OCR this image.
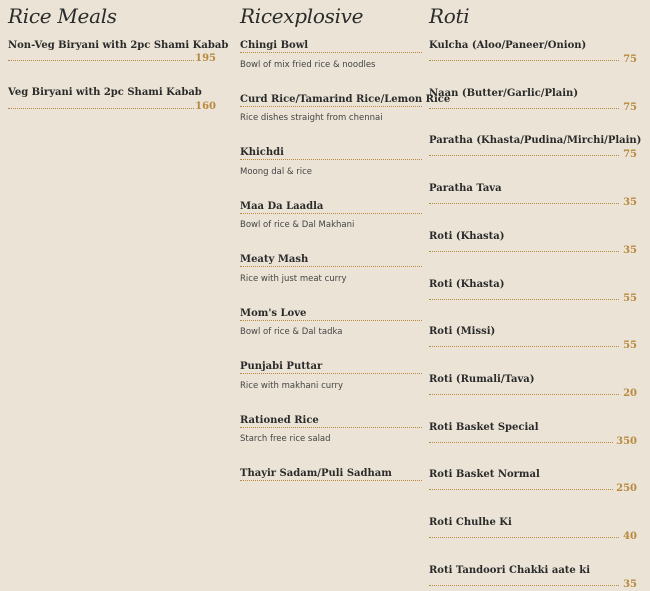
Rice Meals
Non-Veg Biryani with 2pc Shami Kabab
195
Veg Biryani with 2pc Shami Kabab
160
Ricexplosive
Chingi Bowl
Bowl of mix fried rice & noodles
Curd Rice/Tamarind Rice/Lemon Rice
Rice dishes straight from chennai
Khichdi
Moong dal & rice
Maa Da Laadla
Bowl of rice & Dal Makhani
Meaty Mash
Rice with just meat curry
Mom's Love
Bowl of rice & Dal tadka
Punjabi Puttar
Rice with makhani curry
Rationed Rice
Starch free rice salad
Thayir Sadam/Puli Sadham
Roti
Kulcha (Aloo/Paneer/Onion)
75
Naan (Butter/Garlic/Plain)
75
Paratha (Khasta/Pudina/Mirchi/Plain)
75
Paratha Tava
35
Roti (Khasta)
35
Roti (Khasta)
55
Roti (Missi)
55
Roti (Rumali/Tava)
20
Roti Basket Special
350
Roti Basket Normal
250
Roti Chulhe Ki
40
Roti Tandoori Chakki aate ki
35
